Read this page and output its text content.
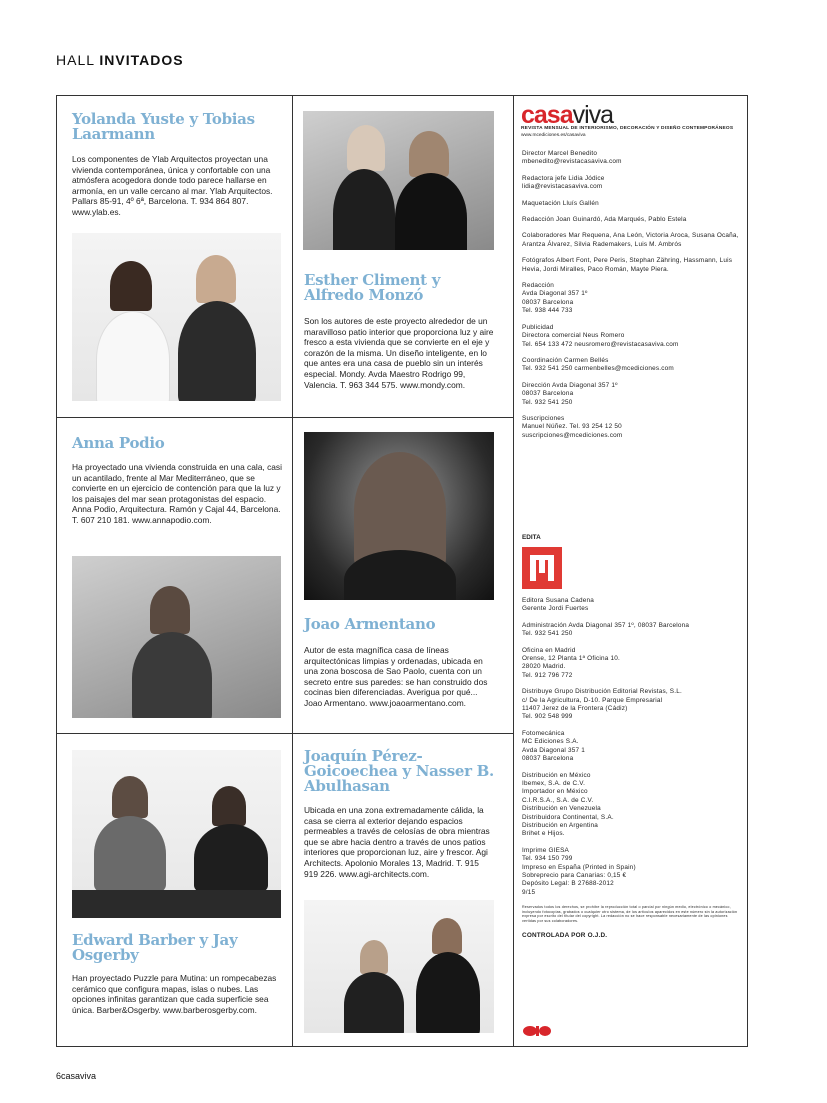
HALL INVITADOS
Yolanda Yuste y Tobias Laarmann
Los componentes de Ylab Arquitectos proyectan una vivienda contemporánea, única y confortable con una atmósfera acogedora donde todo parece hallarse en armonía, en un valle cercano al mar. Ylab Arquitectos. Pallars 85-91, 4º 6ª, Barcelona. T. 934 864 807. www.ylab.es.
Esther Climent y Alfredo Monzó
Son los autores de este proyecto alrededor de un maravilloso patio interior que proporciona luz y aire fresco a esta vivienda que se convierte en el eje y corazón de la misma. Un diseño inteligente, en lo que antes era una casa de pueblo sin un interés especial. Mondy. Avda Maestro Rodrigo 99, Valencia. T. 963 344 575. www.mondy.com.
Anna Podio
Ha proyectado una vivienda construida en una cala, casi un acantilado, frente al Mar Mediterráneo, que se convierte en un ejercicio de contención para que la luz y los paisajes del mar sean protagonistas del espacio. Anna Podio, Arquitectura. Ramón y Cajal 44, Barcelona. T. 607 210 181. www.annapodio.com.
Joao Armentano
Autor de esta magnífica casa de líneas arquitectónicas limpias y ordenadas, ubicada en una zona boscosa de Sao Paolo, cuenta con un secreto entre sus paredes: se han construido dos cocinas bien diferenciadas. Averigua por qué... Joao Armentano. www.joaoarmentano.com.
Edward Barber y Jay Osgerby
Han proyectado Puzzle para Mutina: un rompecabezas cerámico que configura mapas, islas o nubes. Las opciones infinitas garantizan que cada superficie sea única. Barber&Osgerby. www.barberosgerby.com.
Joaquín Pérez-Goicoechea y Nasser B. Abulhasan
Ubicada en una zona extremadamente cálida, la casa se cierra al exterior dejando espacios permeables a través de celosías de obra mientras que se abre hacia dentro a través de unos patios interiores que proporcionan luz, aire y frescor. Agi Architects. Apolonio Morales 13, Madrid. T. 915 919 226. www.agi-architects.com.
casaviva
REVISTA MENSUAL DE INTERIORISMO, DECORACIÓN Y DISEÑO CONTEMPORÁNEOS
www.mcediciones.es/casaviva

Director Marcel Benedito
mbenedito@revistacasaviva.com

Redactora jefe Lidia Jódice
lidia@revistacasaviva.com

Maquetación Lluís Gallén

Redacción Joan Guinardó, Ada Marqués, Pablo Estela

Colaboradores Mar Requena, Ana León, Victoria Aroca, Susana Ocaña, Arantza Álvarez, Silvia Rademakers, Luis M. Ambrós

Fotógrafos Albert Font, Pere Peris, Stephan Zähring, Hassmann, Luis Hevia, Jordi Miralles, Paco Román, Mayte Piera.

Redacción
Avda Diagonal 357 1º
08037 Barcelona
Tel. 938 444 733

Publicidad
Directora comercial Neus Romero
Tel. 654 133 472 neusromero@revistacasaviva.com

Coordinación Carmen Bellés
Tel. 932 541 250 carmenbelles@mcediciones.com

Dirección Avda Diagonal 357 1º
08037 Barcelona
Tel. 932 541 250

Suscripciones
Manuel Núñez. Tel. 93 254 12 50
suscripciones@mcediciones.com

EDITA

Editora Susana Cadena
Gerente Jordi Fuertes

Administración Avda Diagonal 357 1º, 08037 Barcelona
Tel. 932 541 250

Oficina en Madrid
Orense, 12 Planta 1ª Oficina 10.
28020 Madrid.
Tel. 912 796 772

Distribuye Grupo Distribución Editorial Revistas, S.L.
c/ De la Agricultura, D-10. Parque Empresarial
11407 Jerez de la Frontera (Cádiz)
Tel. 902 548 999

Fotomecánica
MC Ediciones S.A.
Avda Diagonal 357 1
08037 Barcelona

Distribución en México
Ibemex, S.A. de C.V.
Importador en México
C.I.R.S.A., S.A. de C.V.
Distribución en Venezuela
Distribuidora Continental, S.A.
Distribución en Argentina
Brihet e Hijos.

Imprime GIESA
Tel. 934 150 799
Impreso en España (Printed in Spain)
Sobreprecio para Canarias: 0,15 €
Depósito Legal: B 27688-2012
9/15

Reservados todos los derechos, se prohíbe la reproducción total o parcial por ningún medio, electrónico o mecánico, incluyendo fotocopias, grabados o cualquier otro sistema, de los artículos aparecidos en este número sin la autorización expresa por escrito del titular del copyright. La redacción no se hace responsable necesariamente de las opiniones vertidas por sus colaboradores.

CONTROLADA POR O.J.D.

6casaviva
